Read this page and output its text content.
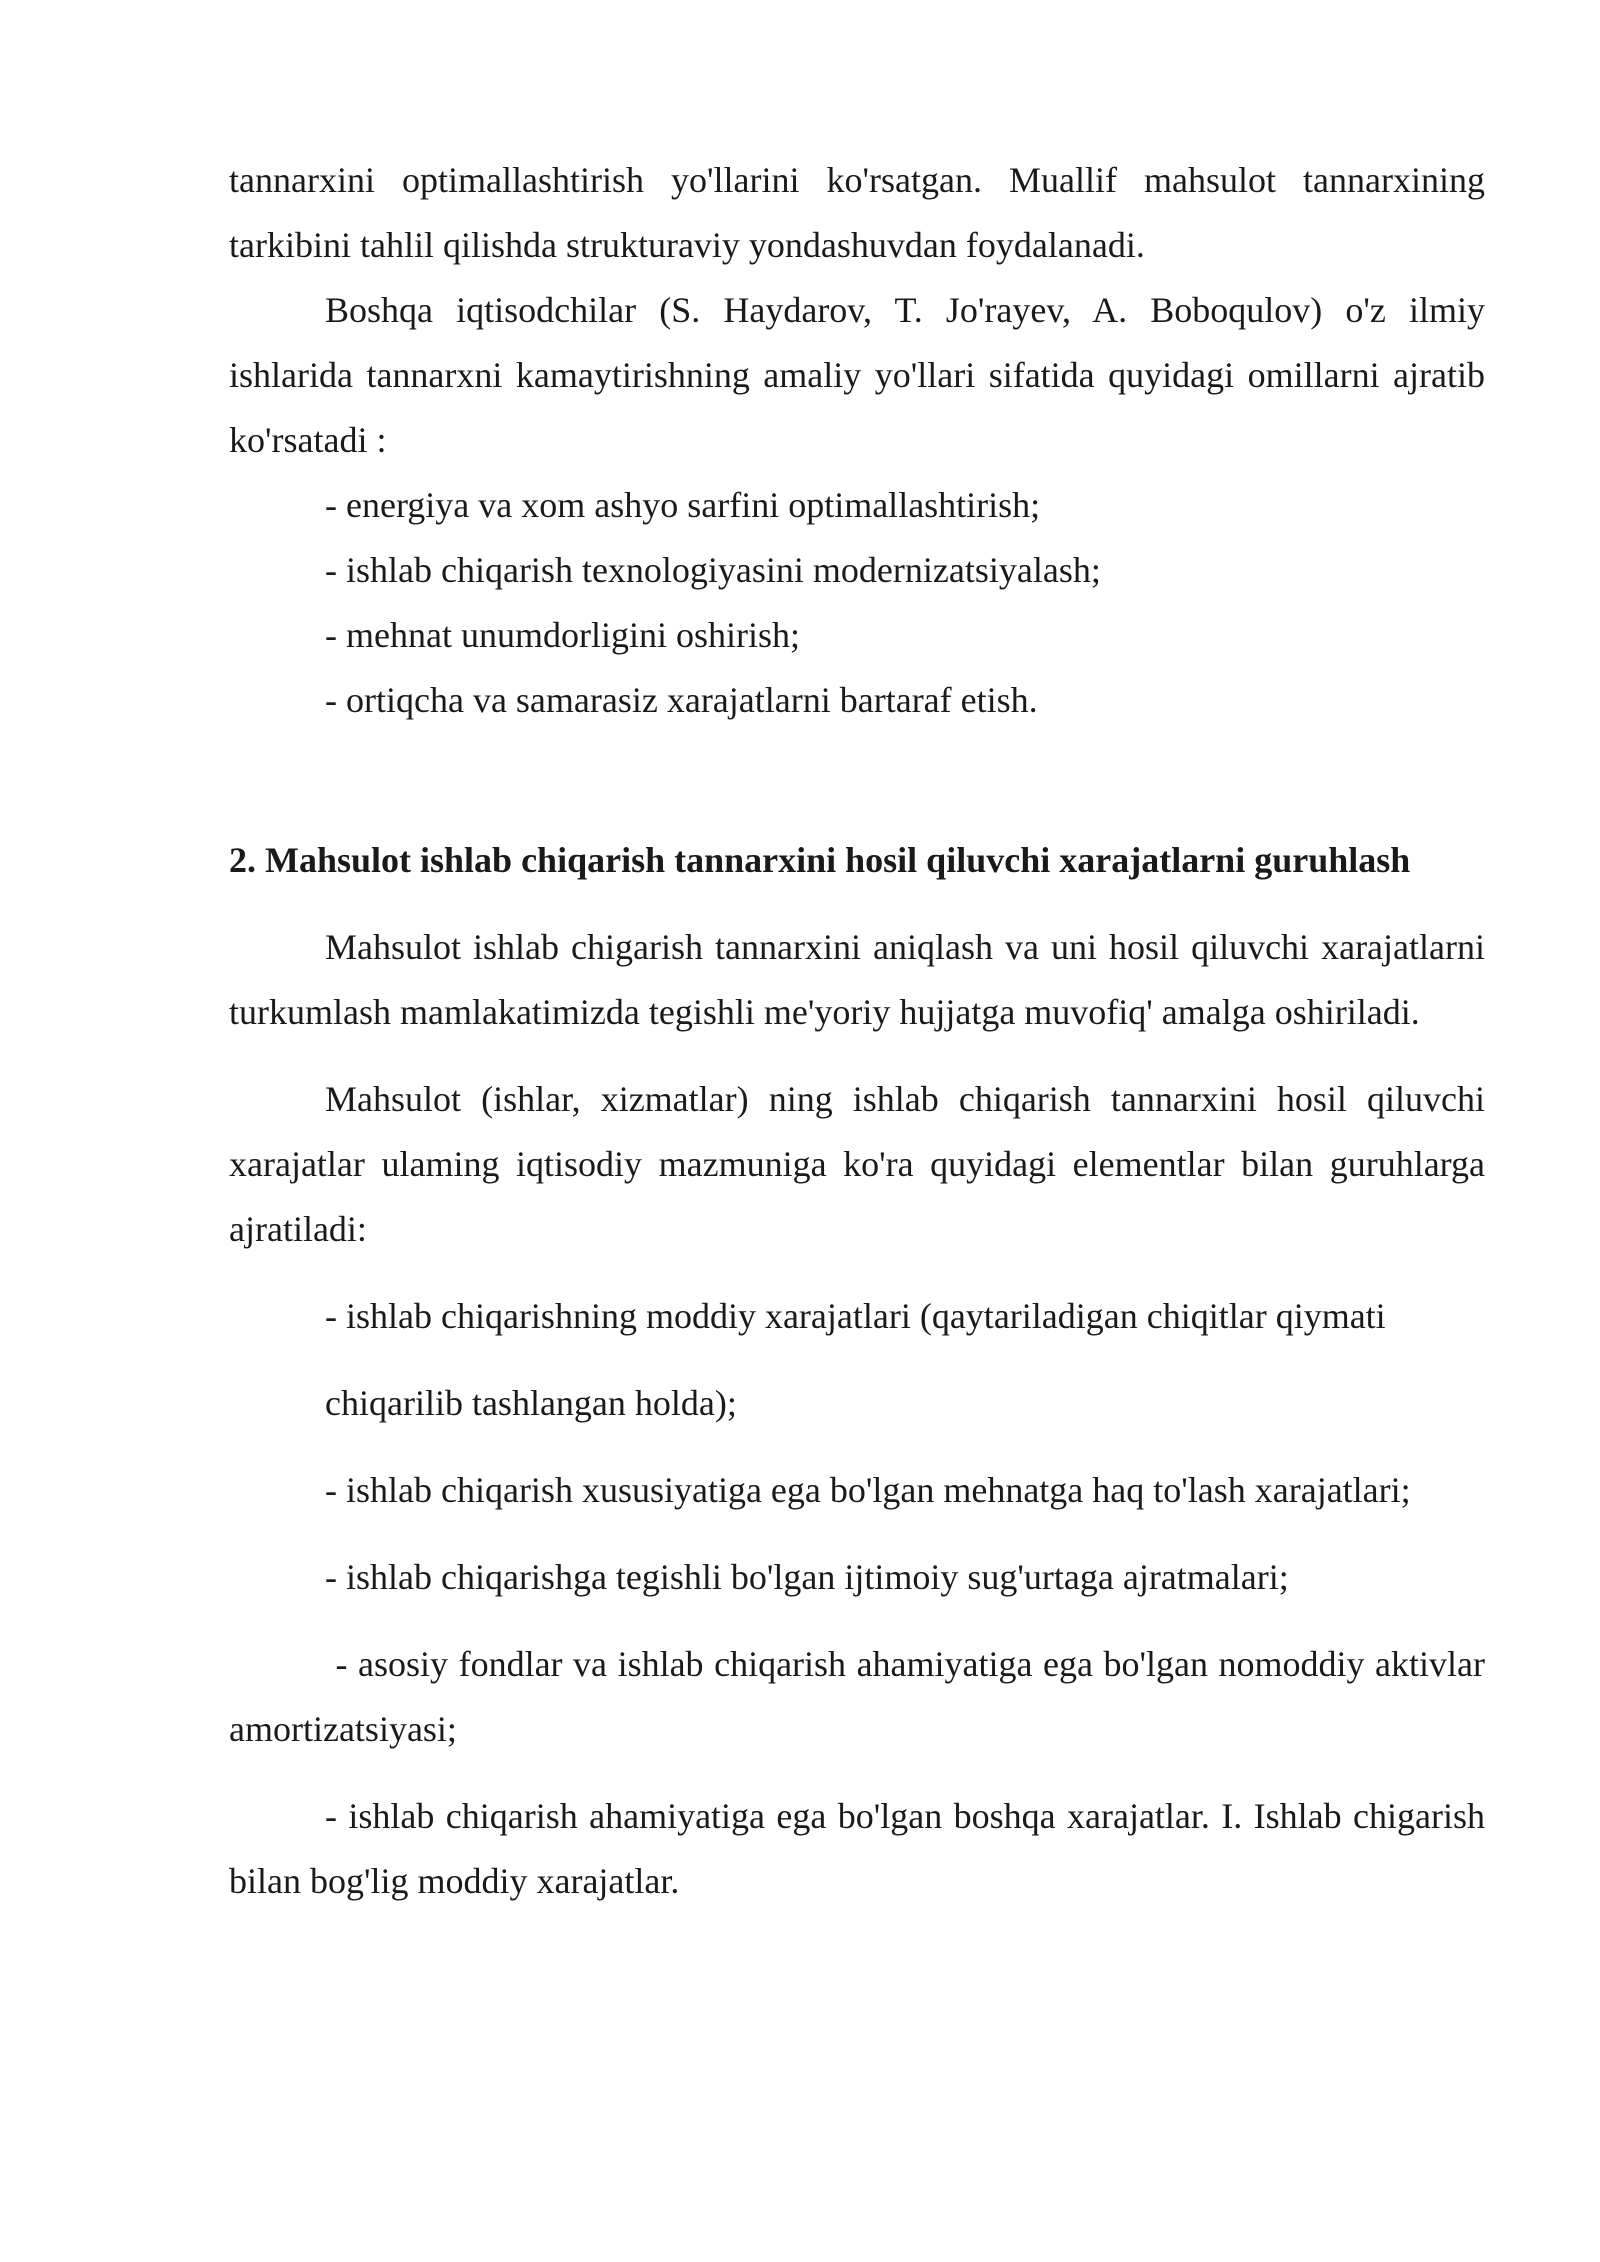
tannarxini optimallashtirish yo'llarini ko'rsatgan. Muallif mahsulot tannarxining tarkibini tahlil qilishda strukturaviy yondashuvdan foydalanadi.

Boshqa iqtisodchilar (S. Haydarov, T. Jo'rayev, A. Boboqulov) o'z ilmiy ishlarida tannarxni kamaytirishning amaliy yo'llari sifatida quyidagi omillarni ajratib ko'rsatadi :

- energiya va xom ashyo sarfini optimallashtirish;

- ishlab chiqarish texnologiyasini modernizatsiyalash;

- mehnat unumdorligini oshirish;

- ortiqcha va samarasiz xarajatlarni bartaraf etish.

2. Mahsulot ishlab chiqarish tannarxini hosil qiluvchi xarajatlarni guruhlash

Mahsulot ishlab chigarish tannarxini aniqlash va uni hosil qiluvchi xarajatlarni turkumlash mamlakatimizda tegishli me'yoriy hujjatga muvofiq' amalga oshiriladi.

Mahsulot (ishlar, xizmatlar) ning ishlab chiqarish tannarxini hosil qiluvchi xarajatlar ulaming iqtisodiy mazmuniga ko'ra quyidagi elementlar bilan guruhlarga ajratiladi:

- ishlab chiqarishning moddiy xarajatlari (qaytariladigan chiqitlar qiymati

chiqarilib tashlangan holda);

- ishlab chiqarish xususiyatiga ega bo'lgan mehnatga haq to'lash xarajatlari;

- ishlab chiqarishga tegishli bo'lgan ijtimoiy sug'urtaga ajratmalari;

- asosiy fondlar va ishlab chiqarish ahamiyatiga ega bo'lgan nomoddiy aktivlar amortizatsiyasi;

- ishlab chiqarish ahamiyatiga ega bo'lgan boshqa xarajatlar. I. Ishlab chigarish bilan bog'lig moddiy xarajatlar.
